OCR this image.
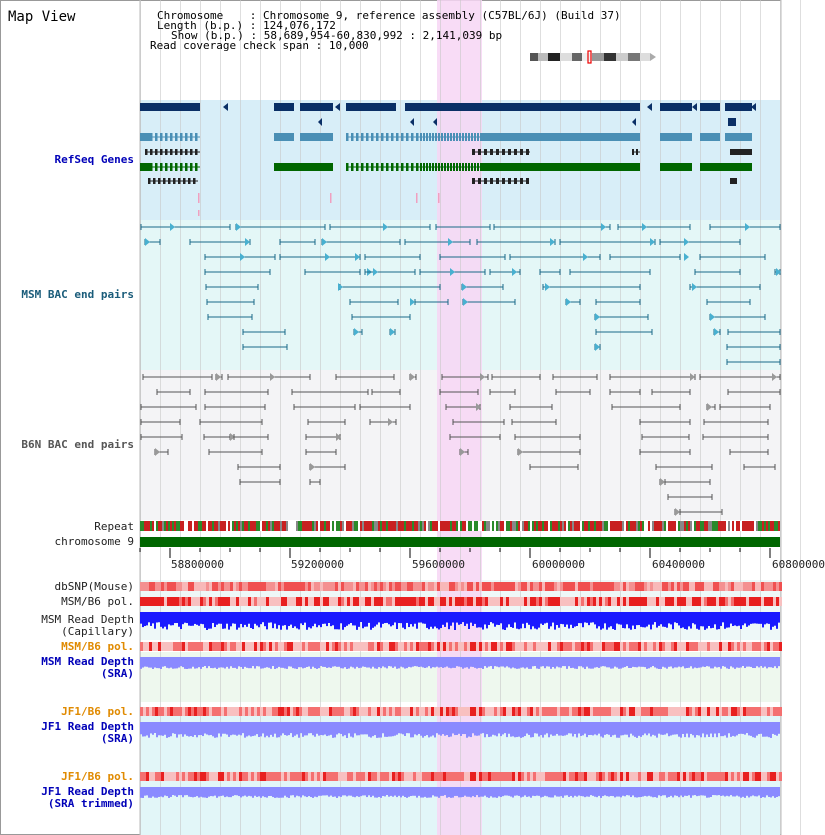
Map View	Chromosome    : Chromosome 9, reference assembly (C57BL/6J) (Build 37)
Length (b.p.) : 124,076,172
Show (b.p.) : 58,689,954-60,830,992 : 2,141,039 bp
Read coverage check span : 10,000
RefSeq Genes
MSM BAC end pairs
B6N BAC end pairs
Repeat
chromosome 9
dbSNP(Mouse)
MSM/B6 pol.
MSM Read Depth
(Capillary)
MSM/B6 pol.
MSM Read Depth
(SRA)
JF1/B6 pol.
JF1 Read Depth
(SRA)
JF1/B6 pol.
JF1 Read Depth
(SRA trimmed)
58800000	59200000	59600000	60000000	60400000	60800000
